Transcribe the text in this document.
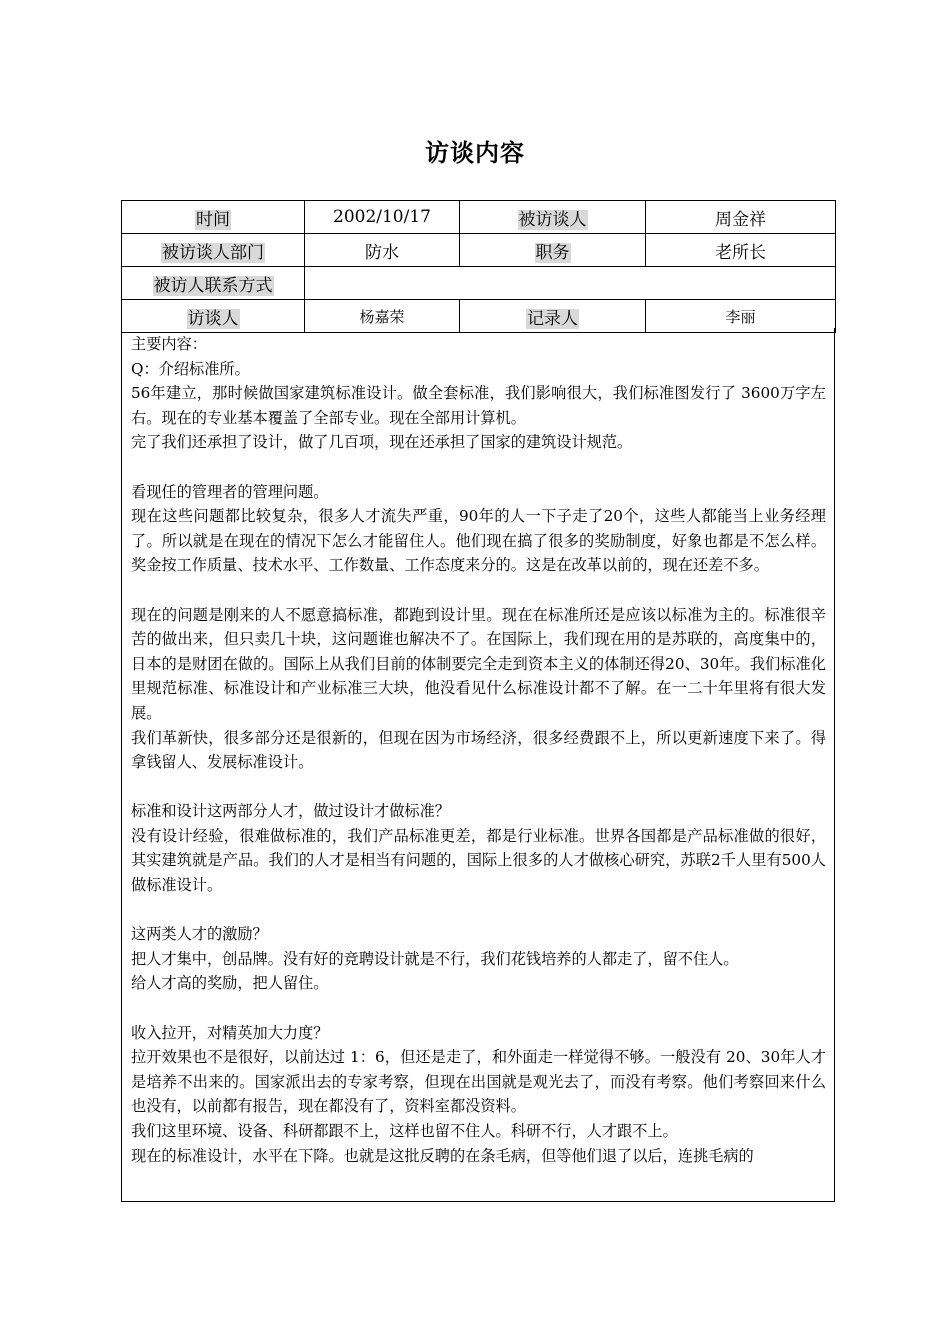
访谈内容
时间	2002/10/17	被访谈人	周金祥
被访谈人部门	防水	职务	老所长
被访人联系方式			
访谈人	杨嘉荣	记录人	李丽

主要内容：

Q：介绍标准所。

56年建立，那时候做国家建筑标准设计。做全套标准，我们影响很大，我们标准图发行了 3600万字左右。现在的专业基本覆盖了全部专业。现在全部用计算机。

完了我们还承担了设计，做了几百项，现在还承担了国家的建筑设计规范。

看现任的管理者的管理问题。

现在这些问题都比较复杂，很多人才流失严重，90年的人一下子走了20个，这些人都能当上业务经理了。所以就是在现在的情况下怎么才能留住人。他们现在搞了很多的奖励制度，好象也都是不怎么样。奖金按工作质量、技术水平、工作数量、工作态度来分的。这是在改革以前的，现在还差不多。

现在的问题是刚来的人不愿意搞标准，都跑到设计里。现在在标准所还是应该以标准为主的。标准很辛苦的做出来，但只卖几十块，这问题谁也解决不了。在国际上，我们现在用的是苏联的，高度集中的，日本的是财团在做的。国际上从我们目前的体制要完全走到资本主义的体制还得20、30年。我们标准化里规范标准、标准设计和产业标准三大块，他没看见什么标准设计都不了解。在一二十年里将有很大发展。

我们革新快，很多部分还是很新的，但现在因为市场经济，很多经费跟不上，所以更新速度下来了。得拿钱留人、发展标准设计。

标准和设计这两部分人才，做过设计才做标准？

没有设计经验，很难做标准的，我们产品标准更差，都是行业标准。世界各国都是产品标准做的很好，其实建筑就是产品。我们的人才是相当有问题的，国际上很多的人才做核心研究，苏联2千人里有500人做标准设计。

这两类人才的激励？

把人才集中，创品牌。没有好的竞聘设计就是不行，我们花钱培养的人都走了，留不住人。

给人才高的奖励，把人留住。

收入拉开，对精英加大力度？

拉开效果也不是很好，以前达过 1：6，但还是走了，和外面走一样觉得不够。一般没有 20、30年人才是培养不出来的。国家派出去的专家考察，但现在出国就是观光去了，而没有考察。他们考察回来什么也没有，以前都有报告，现在都没有了，资料室都没资料。

我们这里环境、设备、科研都跟不上，这样也留不住人。科研不行，人才跟不上。

现在的标准设计，水平在下降。也就是这批反聘的在条毛病，但等他们退了以后，连挑毛病的
